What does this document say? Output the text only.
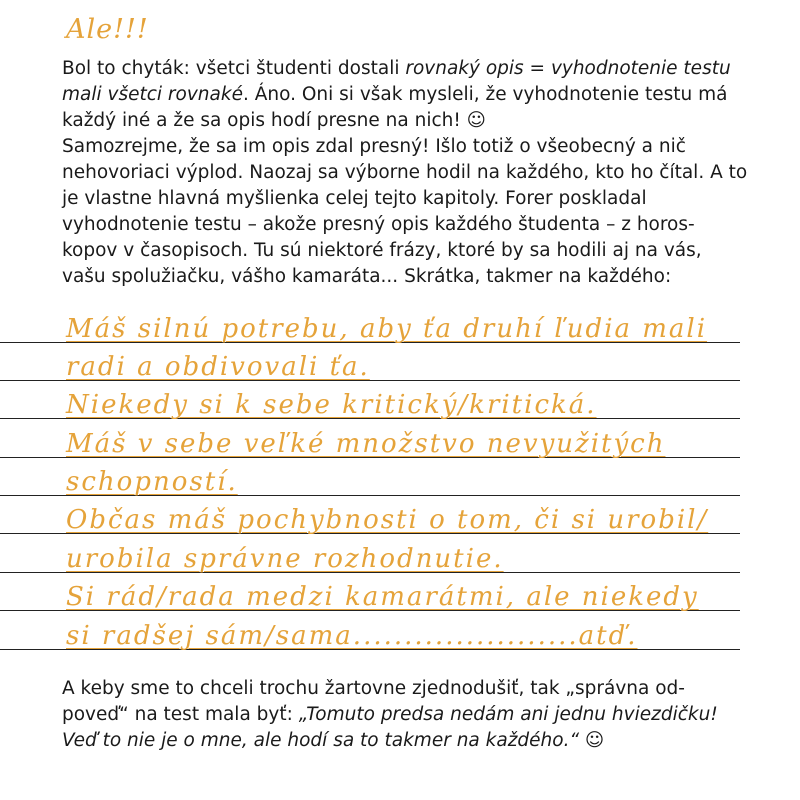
Ale!!!

Bol to chyták: všetci študenti dostali rovnaký opis = vyhodnotenie testu mali všetci rovnaké. Áno. Oni si však mysleli, že vyhodnotenie testu má každý iné a že sa opis hodí presne na nich! ☺
Samozrejme, že sa im opis zdal presný! Išlo totiž o všeobecný a nič nehovoriaci výplod. Naozaj sa výborne hodil na každého, kto ho čítal. A to je vlastne hlavná myšlienka celej tejto kapitoly. Forer poskladal vyhodnotenie testu – akože presný opis každého študenta – z horos-kopov v časopisoch. Tu sú niektoré frázy, ktoré by sa hodili aj na vás, vašu spolužiačku, vášho kamaráta... Skrátka, takmer na každého:

Máš silnú potrebu, aby ťa druhí ľudia mali
radi a obdivovali ťa.
Niekedy si k sebe kritický/kritická.
Máš v sebe veľké množstvo nevyužitých
schopností.
Občas máš pochybnosti o tom, či si urobil/
urobila správne rozhodnutie.
Si rád/rada medzi kamarátmi, ale niekedy
si radšej sám/sama......................atď.

A keby sme to chceli trochu žartovne zjednodušiť, tak „správna od-poveď“ na test mala byť: „Tomuto predsa nedám ani jednu hviezdičku! Veď to nie je o mne, ale hodí sa to takmer na každého.“ ☺
